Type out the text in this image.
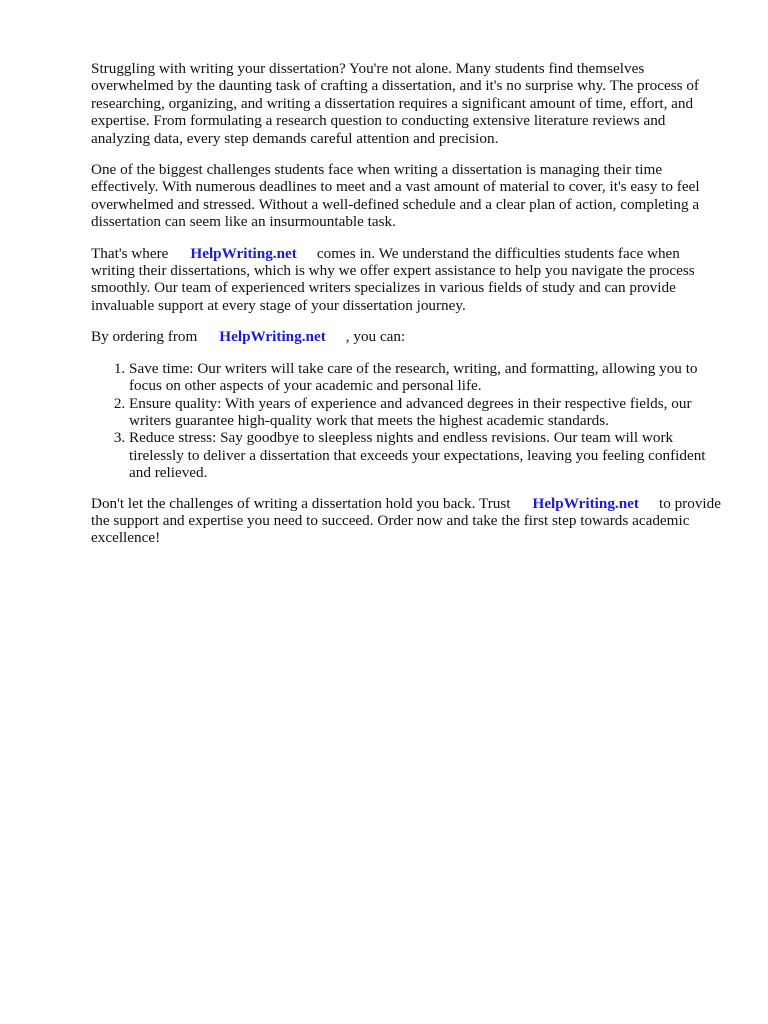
Struggling with writing your dissertation? You're not alone. Many students find themselves overwhelmed by the daunting task of crafting a dissertation, and it's no surprise why. The process of researching, organizing, and writing a dissertation requires a significant amount of time, effort, and expertise. From formulating a research question to conducting extensive literature reviews and analyzing data, every step demands careful attention and precision.

One of the biggest challenges students face when writing a dissertation is managing their time effectively. With numerous deadlines to meet and a vast amount of material to cover, it's easy to feel overwhelmed and stressed. Without a well-defined schedule and a clear plan of action, completing a dissertation can seem like an insurmountable task.

That's where HelpWriting.net comes in. We understand the difficulties students face when writing their dissertations, which is why we offer expert assistance to help you navigate the process smoothly. Our team of experienced writers specializes in various fields of study and can provide invaluable support at every stage of your dissertation journey.

By ordering from HelpWriting.net , you can:

1. Save time: Our writers will take care of the research, writing, and formatting, allowing you to focus on other aspects of your academic and personal life.
2. Ensure quality: With years of experience and advanced degrees in their respective fields, our writers guarantee high-quality work that meets the highest academic standards.
3. Reduce stress: Say goodbye to sleepless nights and endless revisions. Our team will work tirelessly to deliver a dissertation that exceeds your expectations, leaving you feeling confident and relieved.

Don't let the challenges of writing a dissertation hold you back. Trust HelpWriting.net to provide the support and expertise you need to succeed. Order now and take the first step towards academic excellence!
